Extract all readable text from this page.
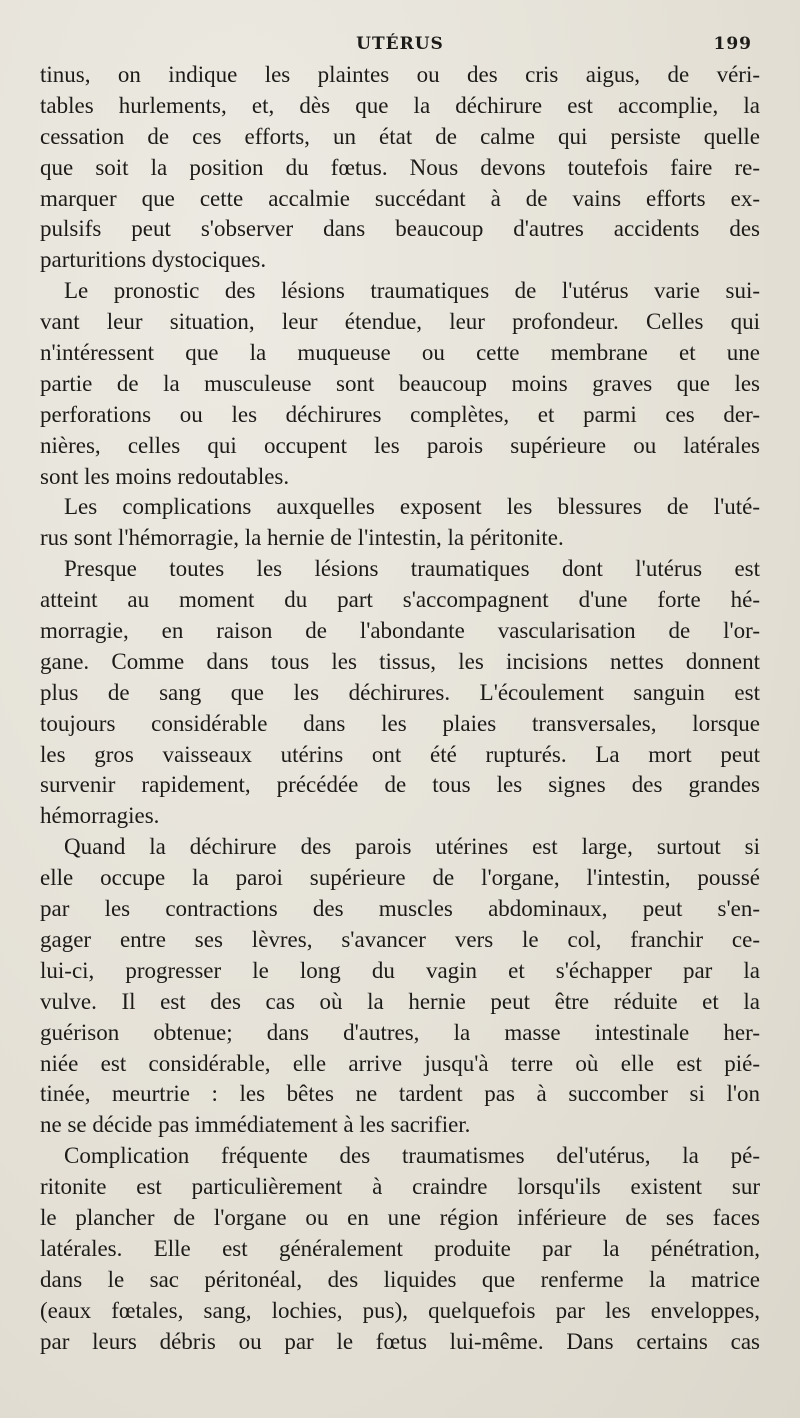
UTÉRUS	199
tinus, on indique les plaintes ou des cris aigus, de véri-
tables hurlements, et, dès que la déchirure est accomplie, la
cessation de ces efforts, un état de calme qui persiste quelle
que soit la position du fœtus. Nous devons toutefois faire re-
marquer que cette accalmie succédant à de vains efforts ex-
pulsifs peut s'observer dans beaucoup d'autres accidents des
parturitions dystociques.
Le pronostic des lésions traumatiques de l'utérus varie sui-
vant leur situation, leur étendue, leur profondeur. Celles qui
n'intéressent que la muqueuse ou cette membrane et une
partie de la musculeuse sont beaucoup moins graves que les
perforations ou les déchirures complètes, et parmi ces der-
nières, celles qui occupent les parois supérieure ou latérales
sont les moins redoutables.
Les complications auxquelles exposent les blessures de l'uté-
rus sont l'hémorragie, la hernie de l'intestin, la péritonite.
Presque toutes les lésions traumatiques dont l'utérus est
atteint au moment du part s'accompagnent d'une forte hé-
morragie, en raison de l'abondante vascularisation de l'or-
gane. Comme dans tous les tissus, les incisions nettes donnent
plus de sang que les déchirures. L'écoulement sanguin est
toujours considérable dans les plaies transversales, lorsque
les gros vaisseaux utérins ont été rupturés. La mort peut
survenir rapidement, précédée de tous les signes des grandes
hémorragies.
Quand la déchirure des parois utérines est large, surtout si
elle occupe la paroi supérieure de l'organe, l'intestin, poussé
par les contractions des muscles abdominaux, peut s'en-
gager entre ses lèvres, s'avancer vers le col, franchir ce-
lui-ci, progresser le long du vagin et s'échapper par la
vulve. Il est des cas où la hernie peut être réduite et la
guérison obtenue; dans d'autres, la masse intestinale her-
niée est considérable, elle arrive jusqu'à terre où elle est pié-
tinée, meurtrie : les bêtes ne tardent pas à succomber si l'on
ne se décide pas immédiatement à les sacrifier.
Complication fréquente des traumatismes del'utérus, la pé-
ritonite est particulièrement à craindre lorsqu'ils existent sur
le plancher de l'organe ou en une région inférieure de ses faces
latérales. Elle est généralement produite par la pénétration,
dans le sac péritonéal, des liquides que renferme la matrice
(eaux fœtales, sang, lochies, pus), quelquefois par les enveloppes,
par leurs débris ou par le fœtus lui-même. Dans certains cas
